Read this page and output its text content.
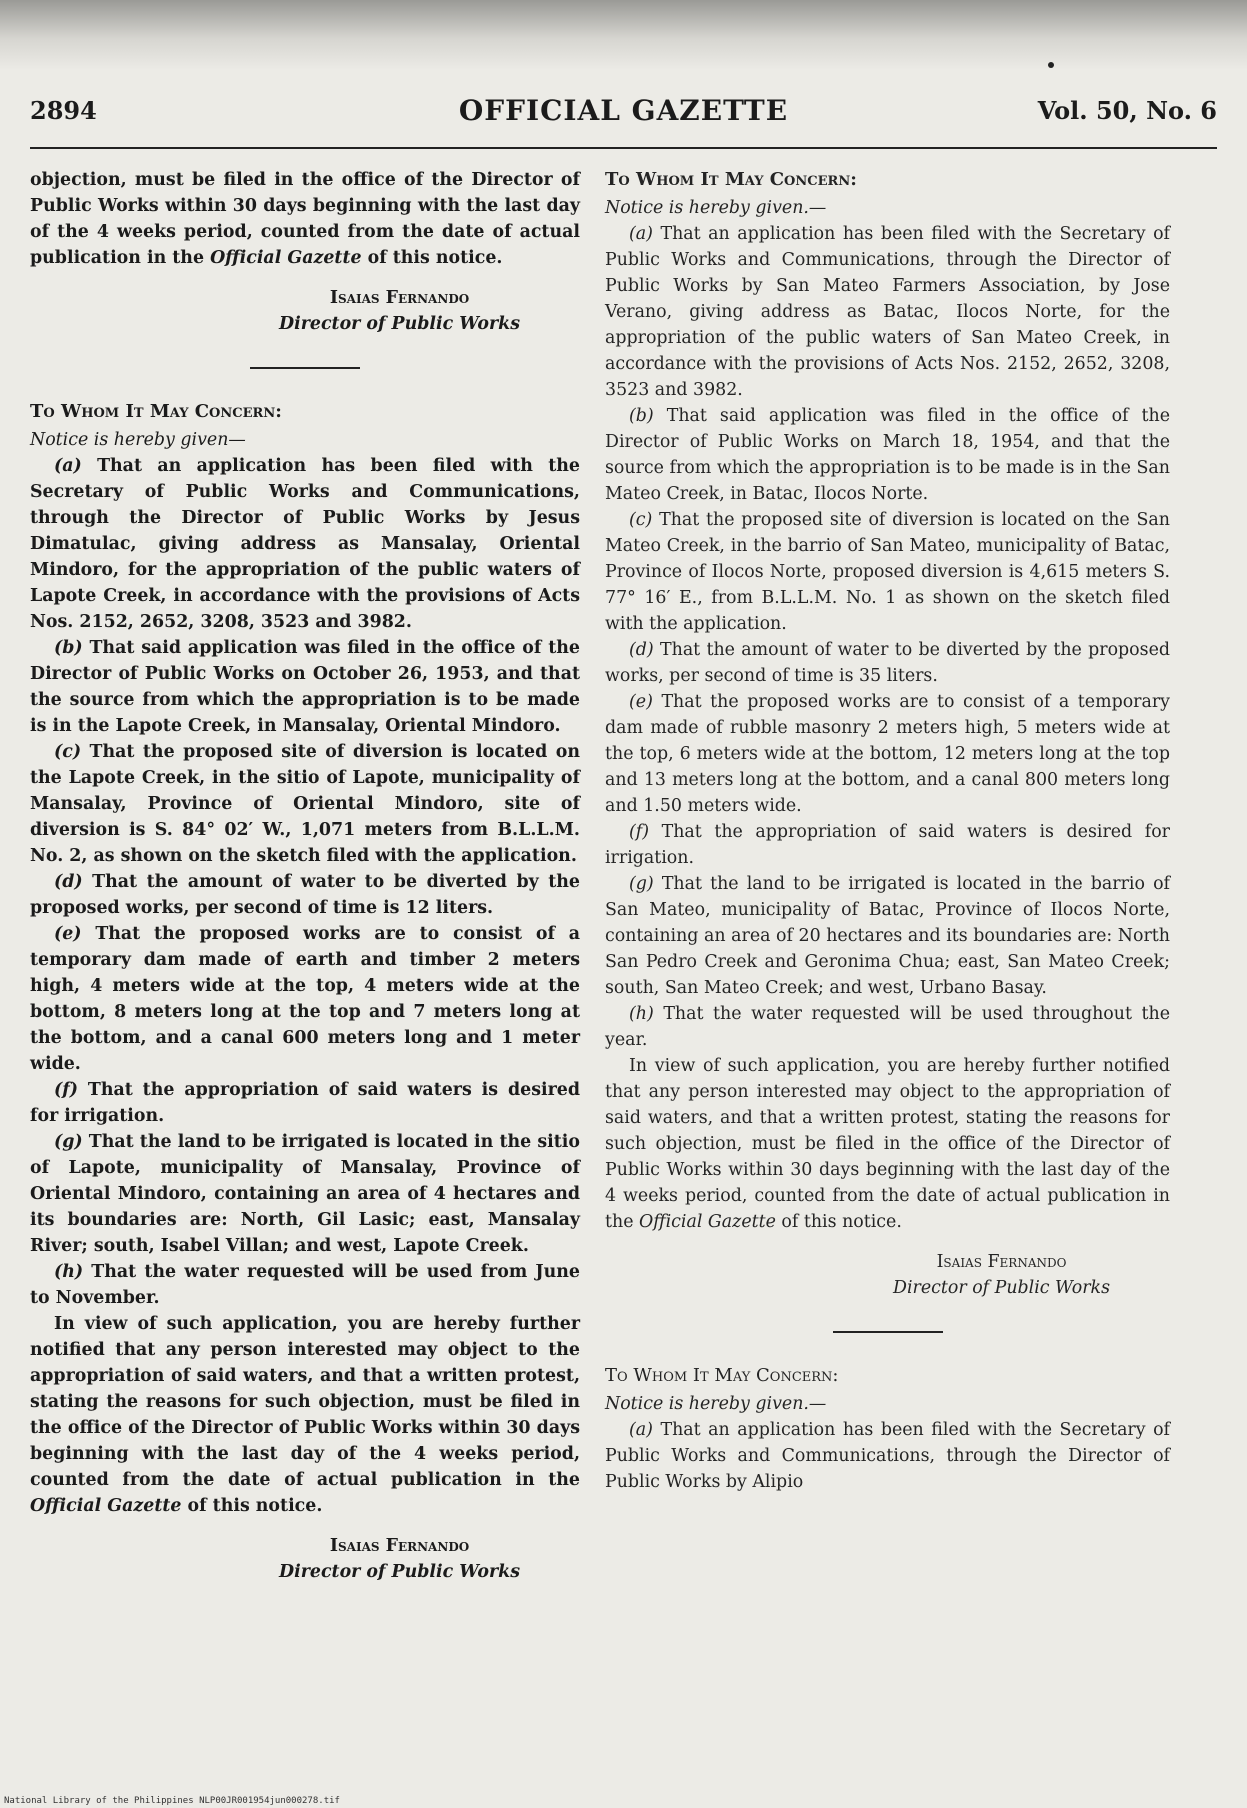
2894	OFFICIAL GAZETTE	Vol. 50, No. 6

objection, must be filed in the office of the Director of Public Works within 30 days beginning with the last day of the 4 weeks period, counted from the date of actual publication in the Official Gazette of this notice.

Isaias Fernando
Director of Public Works
To Whom It May Concern:

Notice is hereby given—

(a) That an application has been filed with the Secretary of Public Works and Communications, through the Director of Public Works by Jesus Dimatulac, giving address as Mansalay, Oriental Mindoro, for the appropriation of the public waters of Lapote Creek, in accordance with the provisions of Acts Nos. 2152, 2652, 3208, 3523 and 3982.

(b) That said application was filed in the office of the Director of Public Works on October 26, 1953, and that the source from which the appropriation is to be made is in the Lapote Creek, in Mansalay, Oriental Mindoro.

(c) That the proposed site of diversion is located on the Lapote Creek, in the sitio of Lapote, municipality of Mansalay, Province of Oriental Mindoro, site of diversion is S. 84° 02′ W., 1,071 meters from B.L.L.M. No. 2, as shown on the sketch filed with the application.

(d) That the amount of water to be diverted by the proposed works, per second of time is 12 liters.

(e) That the proposed works are to consist of a temporary dam made of earth and timber 2 meters high, 4 meters wide at the top, 4 meters wide at the bottom, 8 meters long at the top and 7 meters long at the bottom, and a canal 600 meters long and 1 meter wide.

(f) That the appropriation of said waters is desired for irrigation.

(g) That the land to be irrigated is located in the sitio of Lapote, municipality of Mansalay, Province of Oriental Mindoro, containing an area of 4 hectares and its boundaries are: North, Gil Lasic; east, Mansalay River; south, Isabel Villan; and west, Lapote Creek.

(h) That the water requested will be used from June to November.

In view of such application, you are hereby further notified that any person interested may object to the appropriation of said waters, and that a written protest, stating the reasons for such objection, must be filed in the office of the Director of Public Works within 30 days beginning with the last day of the 4 weeks period, counted from the date of actual publication in the Official Gazette of this notice.

Isaias Fernando
Director of Public Works
To Whom It May Concern:

Notice is hereby given.—

(a) That an application has been filed with the Secretary of Public Works and Communications, through the Director of Public Works by San Mateo Farmers Association, by Jose Verano, giving address as Batac, Ilocos Norte, for the appropriation of the public waters of San Mateo Creek, in accordance with the provisions of Acts Nos. 2152, 2652, 3208, 3523 and 3982.

(b) That said application was filed in the office of the Director of Public Works on March 18, 1954, and that the source from which the appropriation is to be made is in the San Mateo Creek, in Batac, Ilocos Norte.

(c) That the proposed site of diversion is located on the San Mateo Creek, in the barrio of San Mateo, municipality of Batac, Province of Ilocos Norte, proposed diversion is 4,615 meters S. 77° 16′ E., from B.L.L.M. No. 1 as shown on the sketch filed with the application.

(d) That the amount of water to be diverted by the proposed works, per second of time is 35 liters.

(e) That the proposed works are to consist of a temporary dam made of rubble masonry 2 meters high, 5 meters wide at the top, 6 meters wide at the bottom, 12 meters long at the top and 13 meters long at the bottom, and a canal 800 meters long and 1.50 meters wide.

(f) That the appropriation of said waters is desired for irrigation.

(g) That the land to be irrigated is located in the barrio of San Mateo, municipality of Batac, Province of Ilocos Norte, containing an area of 20 hectares and its boundaries are: North San Pedro Creek and Geronima Chua; east, San Mateo Creek; south, San Mateo Creek; and west, Urbano Basay.

(h) That the water requested will be used throughout the year.

In view of such application, you are hereby further notified that any person interested may object to the appropriation of said waters, and that a written protest, stating the reasons for such objection, must be filed in the office of the Director of Public Works within 30 days beginning with the last day of the 4 weeks period, counted from the date of actual publication in the Official Gazette of this notice.

Isaias Fernando
Director of Public Works
To Whom It May Concern:

Notice is hereby given.—

(a) That an application has been filed with the Secretary of Public Works and Communications, through the Director of Public Works by Alipio

National Library of the Philippines NLP00JR001954jun000278.tif
